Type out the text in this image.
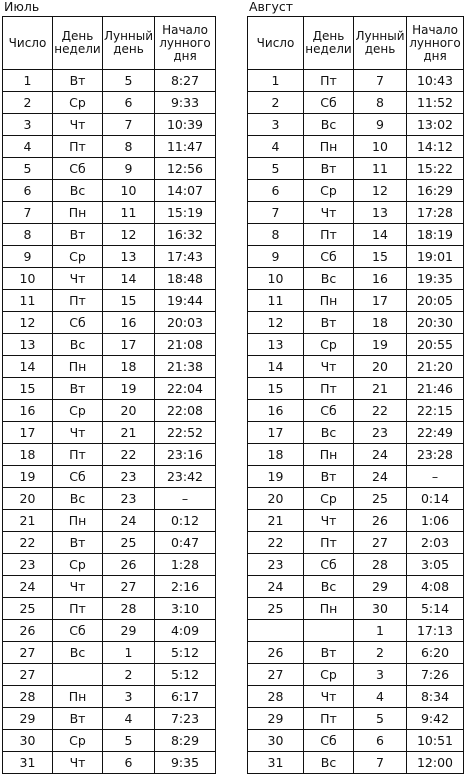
Июль
Число	День недели	Лунный день	Начало лунного дня
1	Вт	5	8:27
2	Ср	6	9:33
3	Чт	7	10:39
4	Пт	8	11:47
5	Сб	9	12:56
6	Вс	10	14:07
7	Пн	11	15:19
8	Вт	12	16:32
9	Ср	13	17:43
10	Чт	14	18:48
11	Пт	15	19:44
12	Сб	16	20:03
13	Вс	17	21:08
14	Пн	18	21:38
15	Вт	19	22:04
16	Ср	20	22:08
17	Чт	21	22:52
18	Пт	22	23:16
19	Сб	23	23:42
20	Вс	23	–
21	Пн	24	0:12
22	Вт	25	0:47
23	Ср	26	1:28
24	Чт	27	2:16
25	Пт	28	3:10
26	Сб	29	4:09
27	Вс	1	5:12
27		2	5:12
28	Пн	3	6:17
29	Вт	4	7:23
30	Ср	5	8:29
31	Чт	6	9:35
Август
Число	День недели	Лунный день	Начало лунного дня
1	Пт	7	10:43
2	Сб	8	11:52
3	Вс	9	13:02
4	Пн	10	14:12
5	Вт	11	15:22
6	Ср	12	16:29
7	Чт	13	17:28
8	Пт	14	18:19
9	Сб	15	19:01
10	Вс	16	19:35
11	Пн	17	20:05
12	Вт	18	20:30
13	Ср	19	20:55
14	Чт	20	21:20
15	Пт	21	21:46
16	Сб	22	22:15
17	Вс	23	22:49
18	Пн	24	23:28
19	Вт	24	–
20	Ср	25	0:14
21	Чт	26	1:06
22	Пт	27	2:03
23	Сб	28	3:05
24	Вс	29	4:08
25	Пн	30	5:14
		1	17:13
26	Вт	2	6:20
27	Ср	3	7:26
28	Чт	4	8:34
29	Пт	5	9:42
30	Сб	6	10:51
31	Вс	7	12:00
